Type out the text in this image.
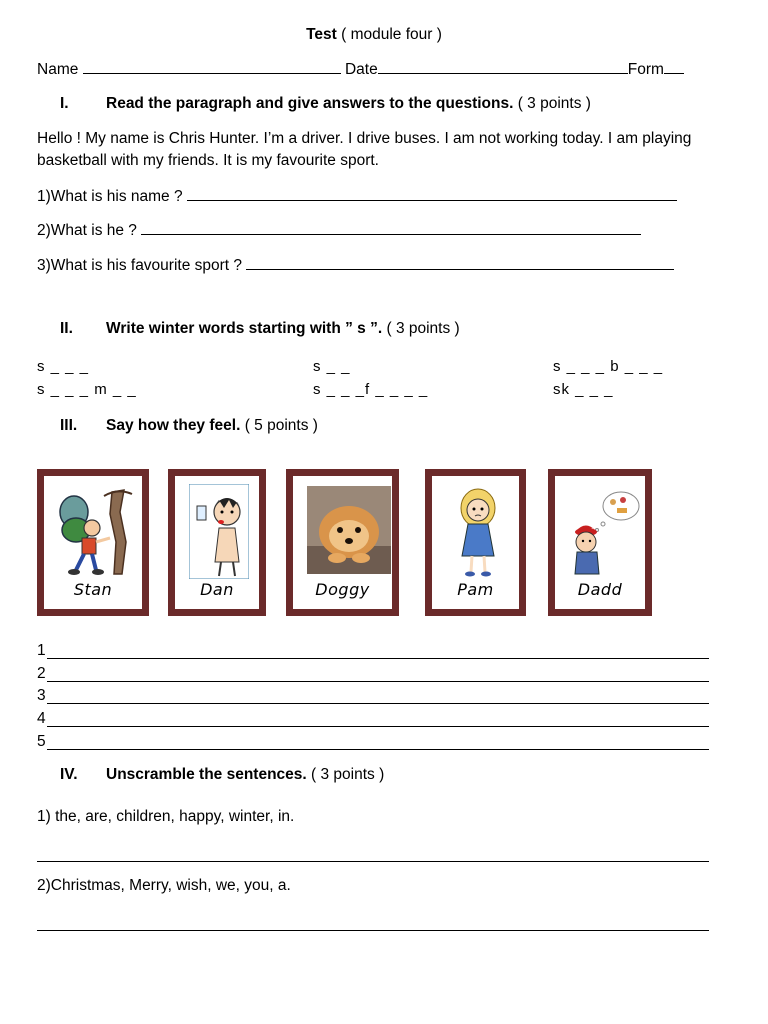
Test ( module four )
Name	Date	Form
I. Read the paragraph and give answers to the questions. ( 3 points )
Hello ! My name is Chris Hunter. I’m a driver. I drive buses. I am not working today. I am playing basketball with my friends. It is my favourite sport.
1)What is his name ?
2)What is he ?
3)What is his favourite sport ?
II. Write winter words starting with ” s ”. ( 3 points )
s _ _ _	s _ _	s _ _ _ b _ _ _
s _ _ _ m _ _	s _ _ _f _ _ _ _	sk _ _ _
III. Say how they feel. ( 5 points )
Stan	Dan	Doggy	Pam	Dadd
1
2
3
4
5
IV. Unscramble the sentences. ( 3 points )
1) the, are, children, happy, winter, in.
2)Christmas, Merry, wish, we, you, a.
